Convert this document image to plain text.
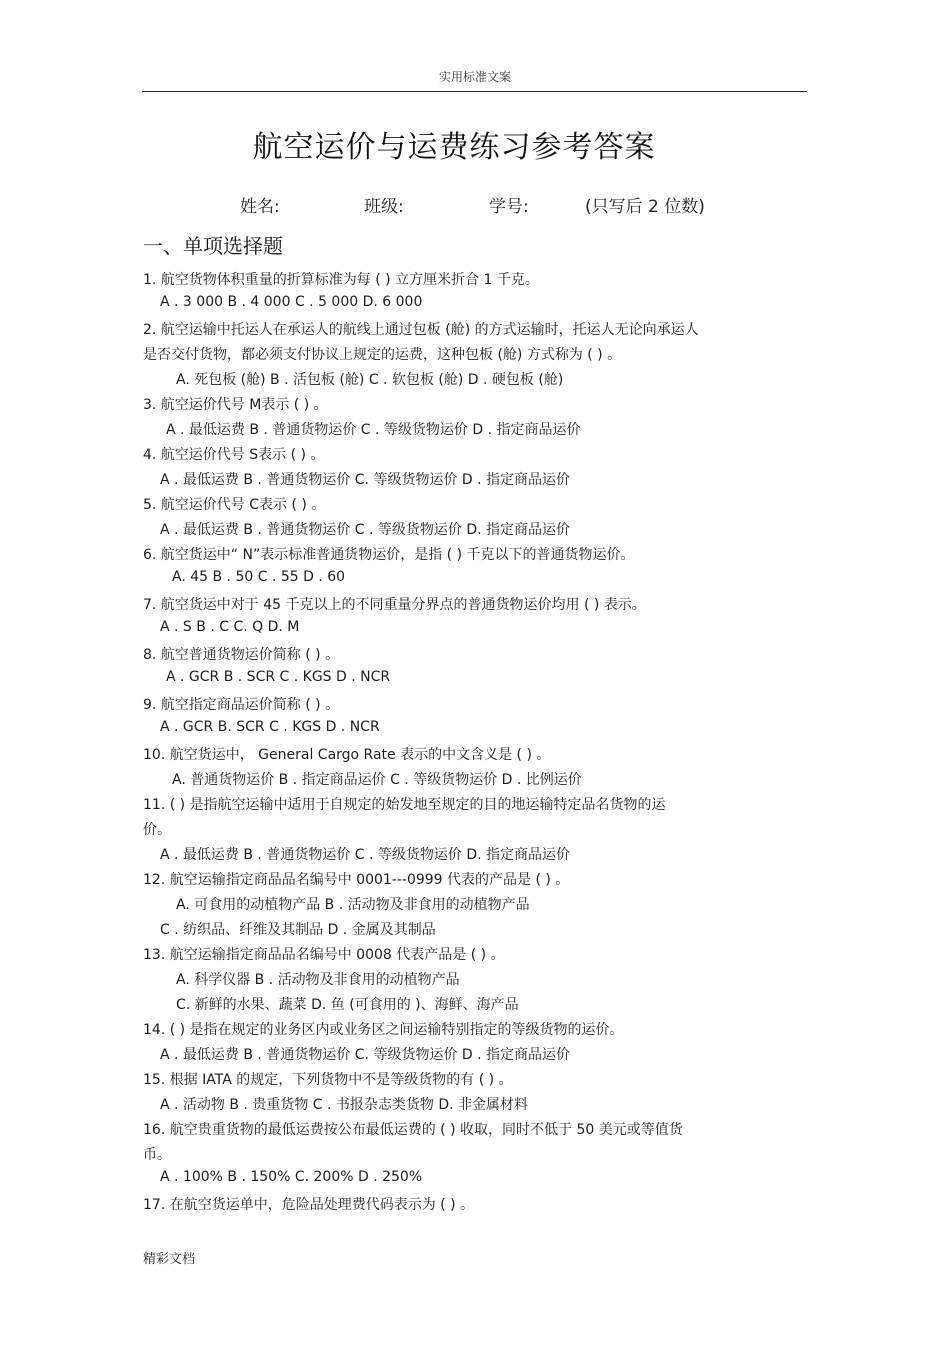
实用标准文案
航空运价与运费练习参考答案
姓名:	班级:	学号:	(只写后 2 位数)
一、单项选择题
1. 航空货物体积重量的折算标准为每 ( ) 立方厘米折合 1 千克。
A . 3 000 B . 4 000 C . 5 000 D. 6 000
2. 航空运输中托运人在承运人的航线上通过包板 (舱) 的方式运输时，托运人无论向承运人
是否交付货物，都必须支付协议上规定的运费，这种包板 (舱) 方式称为 ( ) 。
A. 死包板 (舱) B . 活包板 (舱) C . 软包板 (舱) D . 硬包板 (舱)
3. 航空运价代号 M表示 ( ) 。
A . 最低运费 B . 普通货物运价 C . 等级货物运价 D . 指定商品运价
4. 航空运价代号 S表示 ( ) 。
A . 最低运费 B . 普通货物运价 C. 等级货物运价 D . 指定商品运价
5. 航空运价代号 C表示 ( ) 。
A . 最低运费 B . 普通货物运价 C . 等级货物运价 D. 指定商品运价
6. 航空货运中“ N”表示标准普通货物运价，是指 ( ) 千克以下的普通货物运价。
A. 45 B . 50 C . 55 D . 60
7. 航空货运中对于 45 千克以上的不同重量分界点的普通货物运价均用 ( ) 表示。
A . S B . C C. Q D. M
8. 航空普通货物运价简称 ( ) 。
A . GCR B . SCR C . KGS D . NCR
9. 航空指定商品运价简称 ( ) 。
A . GCR B. SCR C . KGS D . NCR
10. 航空货运中， General Cargo Rate 表示的中文含义是 ( ) 。
A. 普通货物运价 B . 指定商品运价 C . 等级货物运价 D . 比例运价
11. ( ) 是指航空运输中适用于自规定的始发地至规定的目的地运输特定品名货物的运
价。
A . 最低运费 B . 普通货物运价 C . 等级货物运价 D. 指定商品运价
12. 航空运输指定商品品名编号中 0001---0999 代表的产品是 ( ) 。
A. 可食用的动植物产品 B . 活动物及非食用的动植物产品
C . 纺织品、纤维及其制品 D . 金属及其制品
13. 航空运输指定商品品名编号中 0008 代表产品是 ( ) 。
A. 科学仪器 B . 活动物及非食用的动植物产品
C. 新鲜的水果、蔬菜 D. 鱼 (可食用的 )、海鲜、海产品
14. ( ) 是指在规定的业务区内或业务区之间运输特别指定的等级货物的运价。
A . 最低运费 B . 普通货物运价 C. 等级货物运价 D . 指定商品运价
15. 根据 IATA 的规定，下列货物中不是等级货物的有 ( ) 。
A . 活动物 B . 贵重货物 C . 书报杂志类货物 D. 非金属材料
16. 航空贵重货物的最低运费按公布最低运费的 ( ) 收取，同时不低于 50 美元或等值货
币。
A . 100% B . 150% C. 200% D . 250%
17. 在航空货运单中，危险品处理费代码表示为 ( ) 。
精彩文档
